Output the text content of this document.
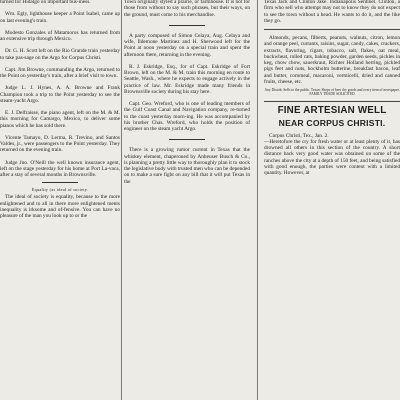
turned for Hidalgo on important bus-iness.

Wm. Egly, lighthouse keeper a Point Isabel, came up on last evening's train.

Modesto Gonzales of Matamoros has returned from an extensive trip through Mexico.

Dr. G. H. Scott left on the Rio Grande train yesterday to take pas-sage on the Argo for Corpus Christi.

Capt. Jim Browne, commanding the Argo, returned to the Point on yesterday's train, after a brief visit to town.

Judge L. J. Hynes, A. A. Browne and Frank Champion took a trip to the Point yesterday to see the steam-yacht Argo.

E. J. Delfraisse, the piano agent, left on the M. & M. this morning for Camargo, Mexico, to deliver some pianos which he has sold there.

Vicente Tamayo, D. Lerma, R. Trevino, and Santos Valdes, jr., were passengers to the Point yesterday. They returned on the evening train.

Judge Jno. O'Neill the well known insurance agent, left on the stage yesterday for his home at Port La-vaca, after a stay of several months in Brownsville.

Equality (as ideal of society.

The ideal of society is equality, because to the more enlightened and to all in there more enlightened ments inequality is irksome and of-fensive. You can have no pleasure of the man you look up to or the

Town originally styled a prairie, or farmhouse. It is not for those from without to say such phrases, but their ways, on the ground, must come to his merchandise.

A party composed of Simon Celaya, Aug. Celaya and wife, Ildemone Martinez and H. Sherwood left for the Point at noon yesterday on a special train and spent the afternoon there, returning in the evening.

R. J. Eskridge, Esq., for of Capt. Eskridge of Fort Brown, left on the M. & M. train this morning en route to Seattle, Wash., where he expects to engage actively in the practice of law. Mr. Eskridge made many friends in Brownsville society during his stay here.

Capt. Geo. Wreford, who is one of leading members of the Gulf Coast Canal and Navigation company, re-turned to the coast yesterday morn-ing. He was accompanied by his brother Chas. Wreford, who holds the position of engineer on the steam yacht Argo.

There is a growing rumor current in Texas that the whiskey element, chaperoned by Anheuser Busch & Co., is planning a pretty little way to thoroughly plan it to stock the legislative body with trusted men who can be depended on to make a sure fight on any bill that it will put Texas in the

Texas Jack and Clinton Jake. Indianapolis Sentinel. Clinton, a firm who sell who attempt may not to know they do not expect to see the town without a head. He wants to do it, and the like they go.

Almonds, pecans, filberts, peanuts, walnuts, citron, lemon and orange peel, currants, raisins, sugar, candy, cakes, crackers, extracts, flavoring, cigars, tobacco, salt, flakes, oat meal, buckwheat, rolled cats, baking powder, garden seeds, pickles in keg, chow chow, sauerkraut, Richter Holland herring, pickled pigs feet and nuts, hockholm butterine, breakfast bacon, leaf and butter, cornmeal, macaroni, vermicelli, dried and canned fruits, cheese, etc.

Any Distrib. Sells to the public. Texan. Shops of beer dry goods and every item of newspaper. FAMILY TRADE SOLICITED

FINE ARTESIAN WELL

NEAR CORPUS CHRISTI.

Corpus Christi, Tex., Jan. 2.

—Heretofore the cry for fresh water or at least plenty of it, has drowned all others in this section of the country. A short distance back very good water was obtained on some of the ranches above the city at a depth of 150 feet, and being satisfied with good enough, the parties were content with a limited quantity. However, at
